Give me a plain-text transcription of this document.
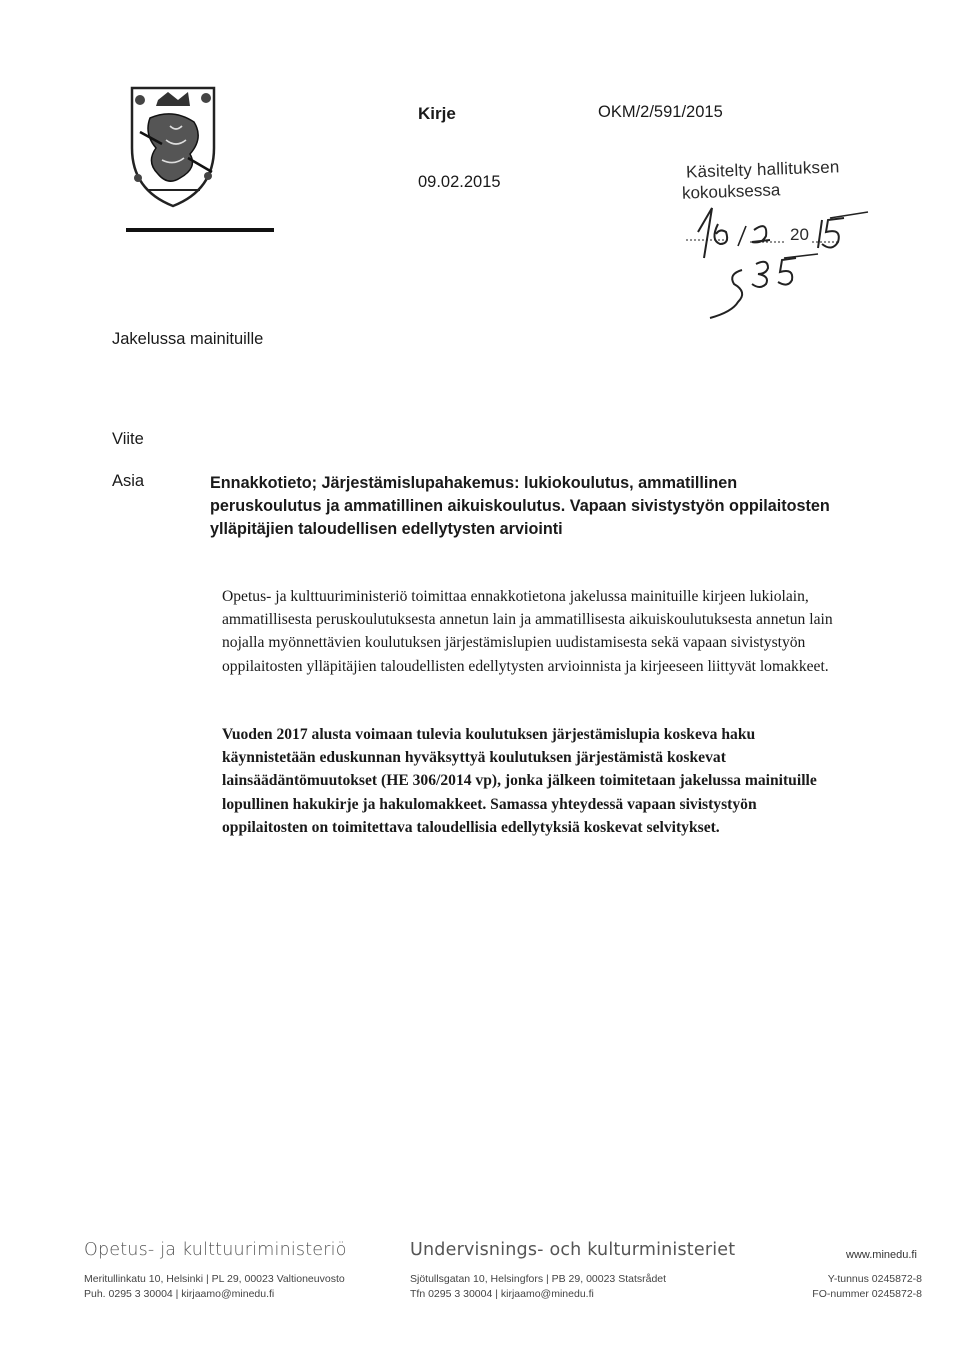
Kirje	OKM/2/591/2015
09.02.2015
Käsitelty hallituksen
kokouksessa
20
Jakelussa mainituille
Viite
Asia	Ennakkotieto; Järjestämislupahakemus: lukiokoulutus, ammatillinen peruskoulutus ja ammatillinen aikuiskoulutus. Vapaan sivistystyön oppilaitosten ylläpitäjien taloudellisen edellytysten arviointi
Opetus- ja kulttuuriministeriö toimittaa ennakkotietona jakelussa mainituille kirjeen lukiolain, ammatillisesta peruskoulutuksesta annetun lain ja ammatillisesta aikuiskoulutuksesta annetun lain nojalla myönnettävien koulutuksen järjestämislupien uudistamisesta sekä vapaan sivistystyön oppilaitosten ylläpitäjien taloudellisten edellytysten arvioinnista ja kirjeeseen liittyvät lomakkeet.
Vuoden 2017 alusta voimaan tulevia koulutuksen järjestämislupia koskeva haku käynnistetään eduskunnan hyväksyttyä koulutuksen järjestämistä koskevat lainsäädäntömuutokset (HE 306/2014 vp), jonka jälkeen toimitetaan jakelussa mainituille lopullinen hakukirje ja hakulomakkeet. Samassa yhteydessä vapaan sivistystyön oppilaitosten on toimitettava taloudellisia edellytyksiä koskevat selvitykset.
Opetus- ja kulttuuriministeriö	Undervisnings- och kulturministeriet	www.minedu.fi
Meritullinkatu 10, Helsinki | PL 29, 00023 Valtioneuvosto
Puh. 0295 3 30004 | kirjaamo@minedu.fi
Sjötullsgatan 10, Helsingfors | PB 29, 00023 Statsrådet
Tfn 0295 3 30004 | kirjaamo@minedu.fi
Y-tunnus 0245872-8
FO-nummer 0245872-8
